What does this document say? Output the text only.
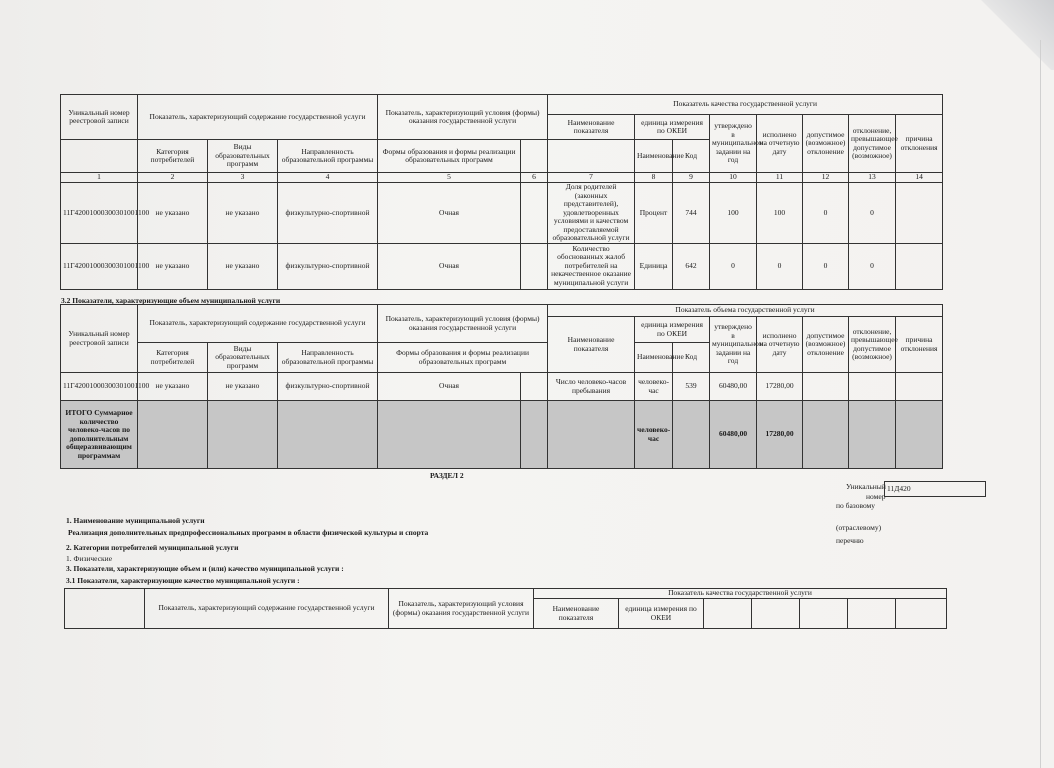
Уникальный номер реестровой записи	Показатель, характеризующий содержание государственной услуги			Показатель, характеризующий условия (формы) оказания государственной услуги		Показатель качества государственной услуги							
						Наименование показателя	единица измерения по ОКЕИ		утверждено в муниципальном задании на год	исполнено на отчетную дату	допустимое (возможное) отклонение	отклонение, превышающее допустимое (возможное)	причина отклонения
	Категория потребителей	Виды образовательных программ	Направленность образовательной программы	Формы образования и формы реализации образовательных программ			Наименование	Код					
1	2	3	4	5	6	7	8	9	10	11	12	13	14
11Г42001000300301001100	не указано	не указано	физкультурно-спортивной	Очная		Доля родителей (законных представителей), удовлетворенных условиями и качеством предоставляемой образовательной услуги	Процент	744	100	100	0	0	
11Г42001000300301001100	не указано	не указано	физкультурно-спортивной	Очная		Количество обоснованных жалоб потребителей на некачественное оказание муниципальной услуги	Единица	642	0	0	0	0	
3.2 Показатели, характеризующие объем муниципальной услуги
Уникальный номер реестровой записи	Показатель, характеризующий содержание государственной услуги			Показатель, характеризующий условия (формы) оказания государственной услуги		Показатель объема государственной услуги							
						Наименование показателя	единица измерения по ОКЕИ		утверждено в муниципальном задании на год	исполнено на отчетную дату	допустимое (возможное) отклонение	отклонение, превышающее допустимое (возможное)	причина отклонения
	Категория потребителей	Виды образовательных программ	Направленность образовательной программы	Формы образования и формы реализации образовательных программ			Наименование	Код					
11Г42001000300301001100	не указано	не указано	физкультурно-спортивной	Очная		Число человеко-часов пребывания	человеко-час	539	60480,00	17280,00			
ИТОГО Суммарное количество человеко-часов по дополнительным общеразвивающим программам							человеко-час		60480,00	17280,00			
РАЗДЕЛ 2
Уникальный
номер
по базовому
(отраслевому)
перечню
11Д420
1. Наименование муниципальной услуги
Реализация дополнительных предпрофессиональных программ в области физической культуры и спорта
2. Категории потребителей муниципальной услуги
1. Физические
3. Показатели, характеризующие объем и (или) качество муниципальной услуги :
3.1 Показатели, характеризующие качество муниципальной услуги :
	Показатель, характеризующий содержание государственной услуги	Показатель, характеризующий условия (формы) оказания государственной услуги	Показатель качества государственной услуги						
			Наименование показателя	единица измерения по ОКЕИ					
